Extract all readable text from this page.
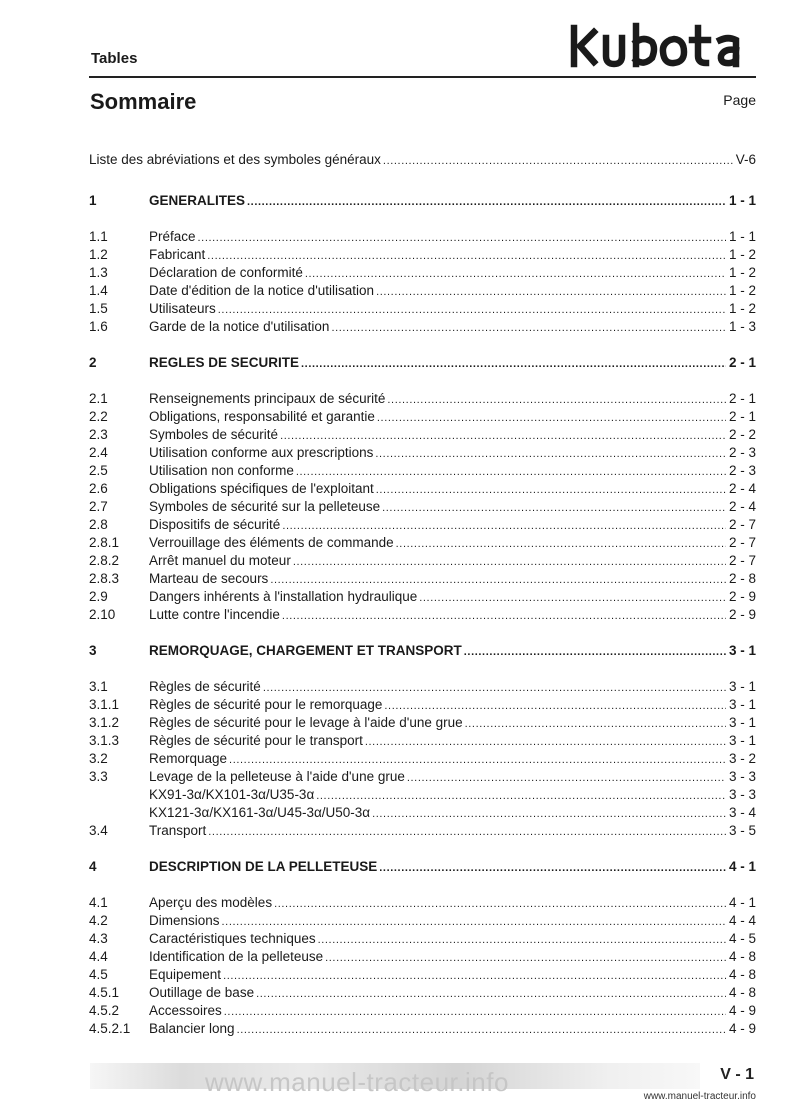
Tables
Sommaire	Page
Liste des abréviations et des symboles généraux .....	V-6
1	GENERALITES .....	1 - 1
1.1	Préface .....	1 - 1
1.2	Fabricant .....	1 - 2
1.3	Déclaration de conformité .....	1 - 2
1.4	Date d'édition de la notice d'utilisation .....	1 - 2
1.5	Utilisateurs .....	1 - 2
1.6	Garde de la notice d'utilisation .....	1 - 3
2	REGLES DE SECURITE .....	2 - 1
2.1	Renseignements principaux de sécurité .....	2 - 1
2.2	Obligations, responsabilité et garantie .....	2 - 1
2.3	Symboles de sécurité .....	2 - 2
2.4	Utilisation conforme aux prescriptions .....	2 - 3
2.5	Utilisation non conforme .....	2 - 3
2.6	Obligations spécifiques de l'exploitant .....	2 - 4
2.7	Symboles de sécurité sur la pelleteuse .....	2 - 4
2.8	Dispositifs de sécurité .....	2 - 7
2.8.1	Verrouillage des éléments de commande .....	2 - 7
2.8.2	Arrêt manuel du moteur .....	2 - 7
2.8.3	Marteau de secours .....	2 - 8
2.9	Dangers inhérents à l'installation hydraulique .....	2 - 9
2.10	Lutte contre l'incendie .....	2 - 9
3	REMORQUAGE, CHARGEMENT ET TRANSPORT .....	3 - 1
3.1	Règles de sécurité .....	3 - 1
3.1.1	Règles de sécurité pour le remorquage .....	3 - 1
3.1.2	Règles de sécurité pour le levage à l'aide d'une grue .....	3 - 1
3.1.3	Règles de sécurité pour le transport .....	3 - 1
3.2	Remorquage .....	3 - 2
3.3	Levage de la pelleteuse à l'aide d'une grue .....	3 - 3
KX91-3α/KX101-3α/U35-3α .....	3 - 3
KX121-3α/KX161-3α/U45-3α/U50-3α .....	3 - 4
3.4	Transport .....	3 - 5
4	DESCRIPTION DE LA PELLETEUSE .....	4 - 1
4.1	Aperçu des modèles .....	4 - 1
4.2	Dimensions .....	4 - 4
4.3	Caractéristiques techniques .....	4 - 5
4.4	Identification de la pelleteuse .....	4 - 8
4.5	Equipement .....	4 - 8
4.5.1	Outillage de base .....	4 - 8
4.5.2	Accessoires .....	4 - 9
4.5.2.1	Balancier long .....	4 - 9
www.manuel-tracteur.info	V - 1
www.manuel-tracteur.info
